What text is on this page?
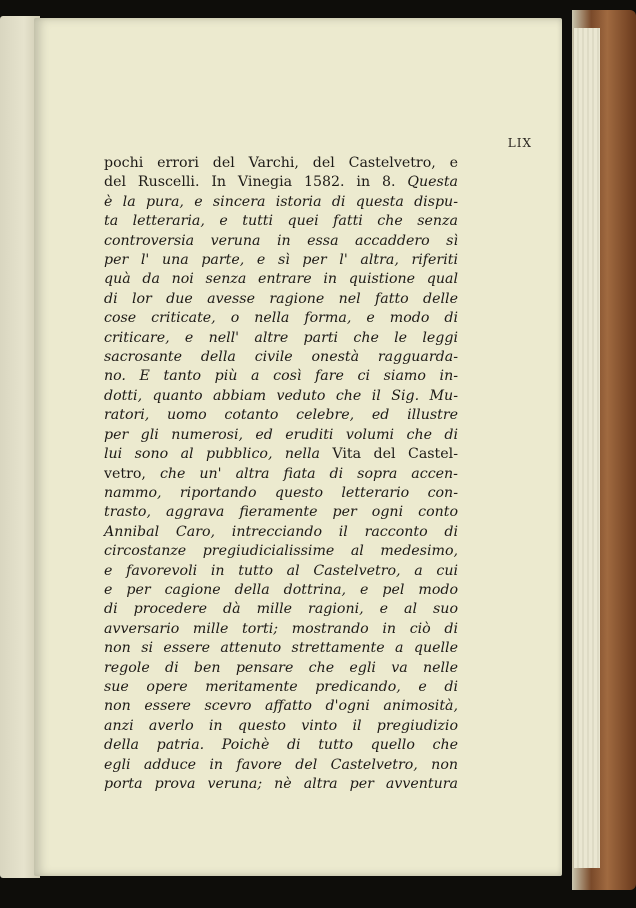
LIX
pochi errori del Varchi, del Castelvetro, e
del Ruscelli. In Vinegia 1582. in 8. Questa
è la pura, e sincera istoria di questa dispu-
ta letteraria, e tutti quei fatti che senza
controversia veruna in essa accaddero sì
per l' una parte, e sì per l' altra, riferiti
quà da noi senza entrare in quistione qual
di lor due avesse ragione nel fatto delle
cose criticate, o nella forma, e modo di
criticare, e nell' altre parti che le leggi
sacrosante della civile onestà ragguarda-
no. E tanto più a così fare ci siamo in-
dotti, quanto abbiam veduto che il Sig. Mu-
ratori, uomo cotanto celebre, ed illustre
per gli numerosi, ed eruditi volumi che di
lui sono al pubblico, nella Vita del Castel-
vetro, che un' altra fiata di sopra accen-
nammo, riportando questo letterario con-
trasto, aggrava fieramente per ogni conto
Annibal Caro, intrecciando il racconto di
circostanze pregiudicialissime al medesimo,
e favorevoli in tutto al Castelvetro, a cui
e per cagione della dottrina, e pel modo
di procedere dà mille ragioni, e al suo
avversario mille torti; mostrando in ciò di
non si essere attenuto strettamente a quelle
regole di ben pensare che egli va nelle
sue opere meritamente predicando, e di
non essere scevro affatto d'ogni animosità,
anzi averlo in questo vinto il pregiudizio
della patria. Poichè di tutto quello che
egli adduce in favore del Castelvetro, non
porta prova veruna; nè altra per avventura
